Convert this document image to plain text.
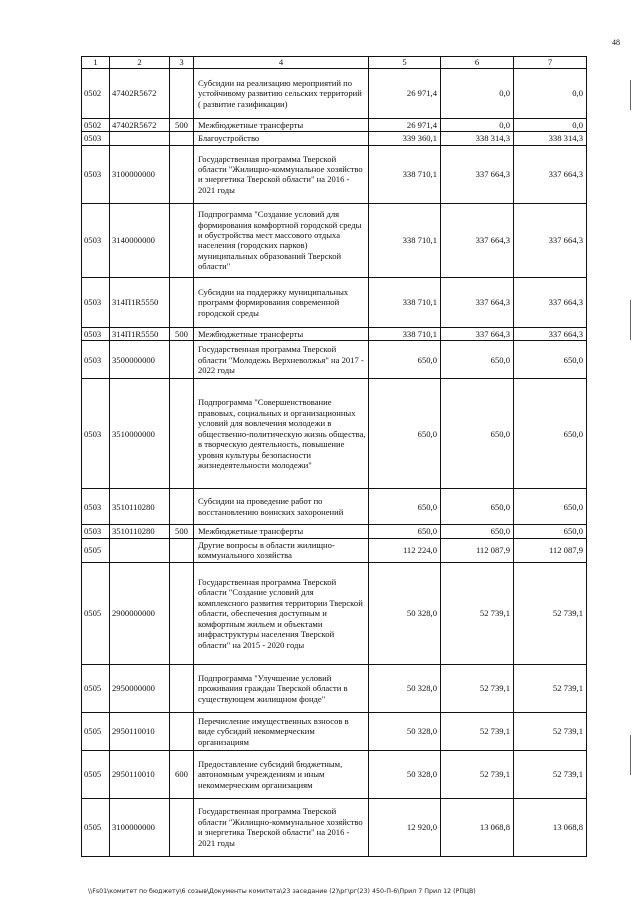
48
1	2	3	4	5	6	7
0502	47402R5672		Субсидии на реализацию мероприятий по устойчивому развитию сельских территорий ( развитие газификации)	26 971,4	0,0	0,0
0502	47402R5672	500	Межбюджетные трансферты	26 971,4	0,0	0,0
0503			Благоустройство	339 360,1	338 314,3	338 314,3
0503	3100000000		Государственная программа Тверской области "Жилищно-коммунальное хозяйство и энергетика Тверской области" на 2016 - 2021 годы	338 710,1	337 664,3	337 664,3
0503	3140000000		Подпрограмма "Создание условий для формирования комфортной городской среды и обустройства мест массового отдыха населения (городских парков) муниципальных образований Тверской области"	338 710,1	337 664,3	337 664,3
0503	314П1R5550		Субсидии на поддержку муниципальных программ формирования современной городской среды	338 710,1	337 664,3	337 664,3
0503	314П1R5550	500	Межбюджетные трансферты	338 710,1	337 664,3	337 664,3
0503	3500000000		Государственная программа Тверской области "Молодежь Верхневолжья" на 2017 - 2022 годы	650,0	650,0	650,0
0503	3510000000		Подпрограмма "Совершенствование правовых, социальных и организационных условий для вовлечения молодежи в общественно-политическую жизнь общества, в творческую деятельность, повышение уровня культуры безопасности жизнедеятельности молодежи"	650,0	650,0	650,0
0503	3510110280		Субсидии на проведение работ по восстановлению воинских захоронений	650,0	650,0	650,0
0503	3510110280	500	Межбюджетные трансферты	650,0	650,0	650,0
0505			Другие вопросы в области жилищно-коммунального хозяйства	112 224,0	112 087,9	112 087,9
0505	2900000000		Государственная программа Тверской области "Создание условий для комплексного развития территории Тверской области, обеспечения доступным и комфортным жильем и объектами инфраструктуры населения Тверской области" на 2015 - 2020 годы	50 328,0	52 739,1	52 739,1
0505	2950000000		Подпрограмма "Улучшение условий проживания граждан Тверской области в существующем жилищном фонде"	50 328,0	52 739,1	52 739,1
0505	2950110010		Перечисление имущественных взносов в виде субсидий некоммерческим организациям	50 328,0	52 739,1	52 739,1
0505	2950110010	600	Предоставление субсидий бюджетным, автономным учреждениям и иным некоммерческим организациям	50 328,0	52 739,1	52 739,1
0505	3100000000		Государственная программа Тверской области "Жилищно-коммунальное хозяйство и энергетика Тверской области" на 2016 - 2021 годы	12 920,0	13 068,8	13 068,8
\\Fs01\комитет по бюджету\6 созыв\Документы комитета\23 заседание (2)\рг\рг(23) 450-П-6\Прил 7 Прил 12 (РПЦВ)
